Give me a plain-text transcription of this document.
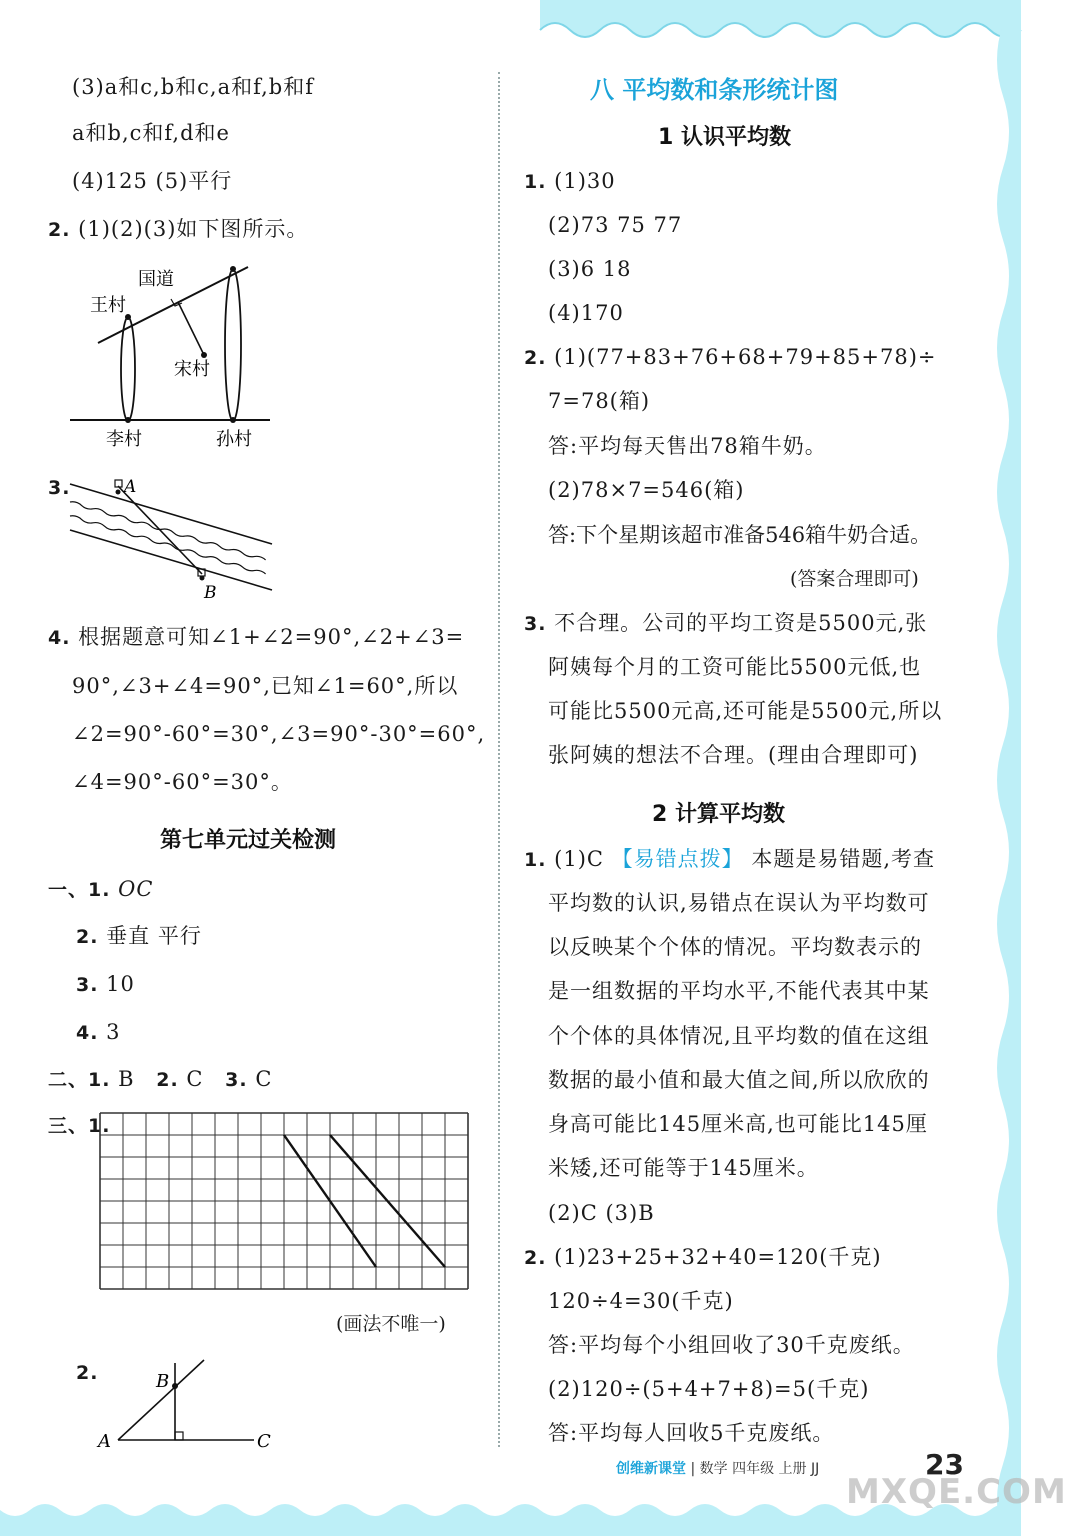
(3)a和c,b和c,a和f,b和f
a和b,c和f,d和e
(4)125 (5)平行
2. (1)(2)(3)如下图所示。
国道
王村
宋村
李村	孙村
3.	A
B
4. 根据题意可知∠1+∠2=90°,∠2+∠3=
90°,∠3+∠4=90°,已知∠1=60°,所以
∠2=90°-60°=30°,∠3=90°-30°=60°,
∠4=90°-60°=30°。
第七单元过关检测
一、1. OC
2. 垂直 平行
3. 10
4. 3
二、1. B 2. C 3. C
三、1.
(画法不唯一)
2.	B
A	C
八 平均数和条形统计图
1 认识平均数
1. (1)30
(2)73 75 77
(3)6 18
(4)170
2. (1)(77+83+76+68+79+85+78)÷
7=78(箱)
答:平均每天售出78箱牛奶。
(2)78×7=546(箱)
答:下个星期该超市准备546箱牛奶合适。
(答案合理即可)
3. 不合理。公司的平均工资是5500元,张
阿姨每个月的工资可能比5500元低,也
可能比5500元高,还可能是5500元,所以
张阿姨的想法不合理。(理由合理即可)
2 计算平均数
1. (1)C 【易错点拨】 本题是易错题,考查
平均数的认识,易错点在误认为平均数可
以反映某个个体的情况。平均数表示的
是一组数据的平均水平,不能代表其中某
个个体的具体情况,且平均数的值在这组
数据的最小值和最大值之间,所以欣欣的
身高可能比145厘米高,也可能比145厘
米矮,还可能等于145厘米。
(2)C (3)B
2. (1)23+25+32+40=120(千克)
120÷4=30(千克)
答:平均每个小组回收了30千克废纸。
(2)120÷(5+4+7+8)=5(千克)
答:平均每人回收5千克废纸。
创维新课堂 | 数学 四年级 上册 JJ	23
MXQE.COM
